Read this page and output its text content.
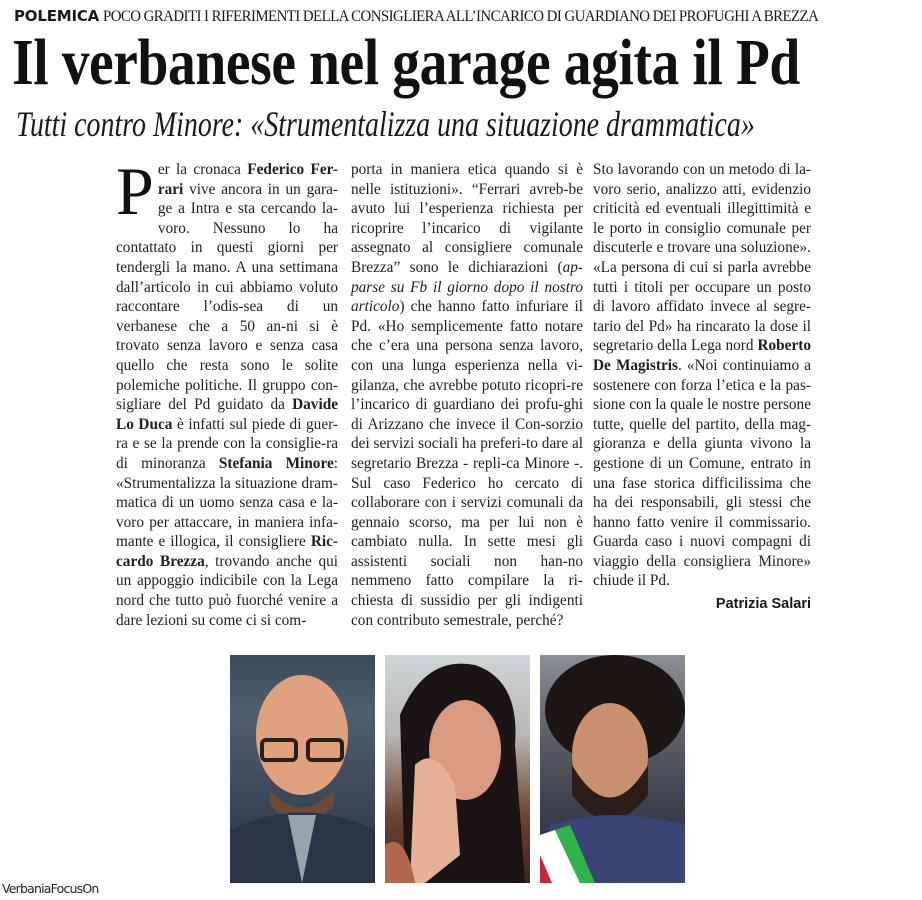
POLEMICA POCO GRADITI I RIFERIMENTI DELLA CONSIGLIERA ALL’INCARICO DI GUARDIANO DEI PROFUGHI A BREZZA
Il verbanese nel garage agita il Pd
Tutti contro Minore: «Strumentalizza una situazione drammatica»

Per la cronaca Federico Fer-rari vive ancora in un gara-ge a Intra e sta cercando la-voro. Nessuno lo ha contattato in questi giorni per tendergli la mano. A una settimana dall’articolo in cui abbiamo voluto raccontare l’odis-sea di un verbanese che a 50 an-ni si è trovato senza lavoro e senza casa quello che resta sono le solite polemiche politiche. Il gruppo con-sigliare del Pd guidato da Davide Lo Duca è infatti sul piede di guer-ra e se la prende con la consiglie-ra di minoranza Stefania Minore: «Strumentalizza la situazione dram-matica di un uomo senza casa e la-voro per attaccare, in maniera infa-mante e illogica, il consigliere Ric-cardo Brezza, trovando anche qui un appoggio indicibile con la Lega nord che tutto può fuorché venire a dare lezioni su come ci si com-

porta in maniera etica quando si è nelle istituzioni». “Ferrari avreb-be avuto lui l’esperienza richiesta per ricoprire l’incarico di vigilante assegnato al consigliere comunale Brezza” sono le dichiarazioni (ap-parse su Fb il giorno dopo il nostro articolo) che hanno fatto infuriare il Pd. «Ho semplicemente fatto notare che c’era una persona senza lavoro, con una lunga esperienza nella vi-gilanza, che avrebbe potuto ricopri-re l’incarico di guardiano dei profu-ghi di Arizzano che invece il Con-sorzio dei servizi sociali ha preferi-to dare al segretario Brezza - repli-ca Minore -. Sul caso Federico ho cercato di collaborare con i servizi comunali da gennaio scorso, ma per lui non è cambiato nulla. In sette mesi gli assistenti sociali non han-no nemmeno fatto compilare la ri-chiesta di sussidio per gli indigenti con contributo semestrale, perché?

Sto lavorando con un metodo di la-voro serio, analizzo atti, evidenzio criticità ed eventuali illegittimità e le porto in consiglio comunale per discuterle e trovare una soluzione». «La persona di cui si parla avrebbe tutti i titoli per occupare un posto di lavoro affidato invece al segre-tario del Pd» ha rincarato la dose il segretario della Lega nord Roberto De Magistris. «Noi continuiamo a sostenere con forza l’etica e la pas-sione con la quale le nostre persone tutte, quelle del partito, della mag-gioranza e della giunta vivono la gestione di un Comune, entrato in una fase storica difficilissima che ha dei responsabili, gli stessi che hanno fatto venire il commissario. Guarda caso i nuovi compagni di viaggio della consigliera Minore» chiude il Pd.

Patrizia Salari
VerbaniaFocusOn
